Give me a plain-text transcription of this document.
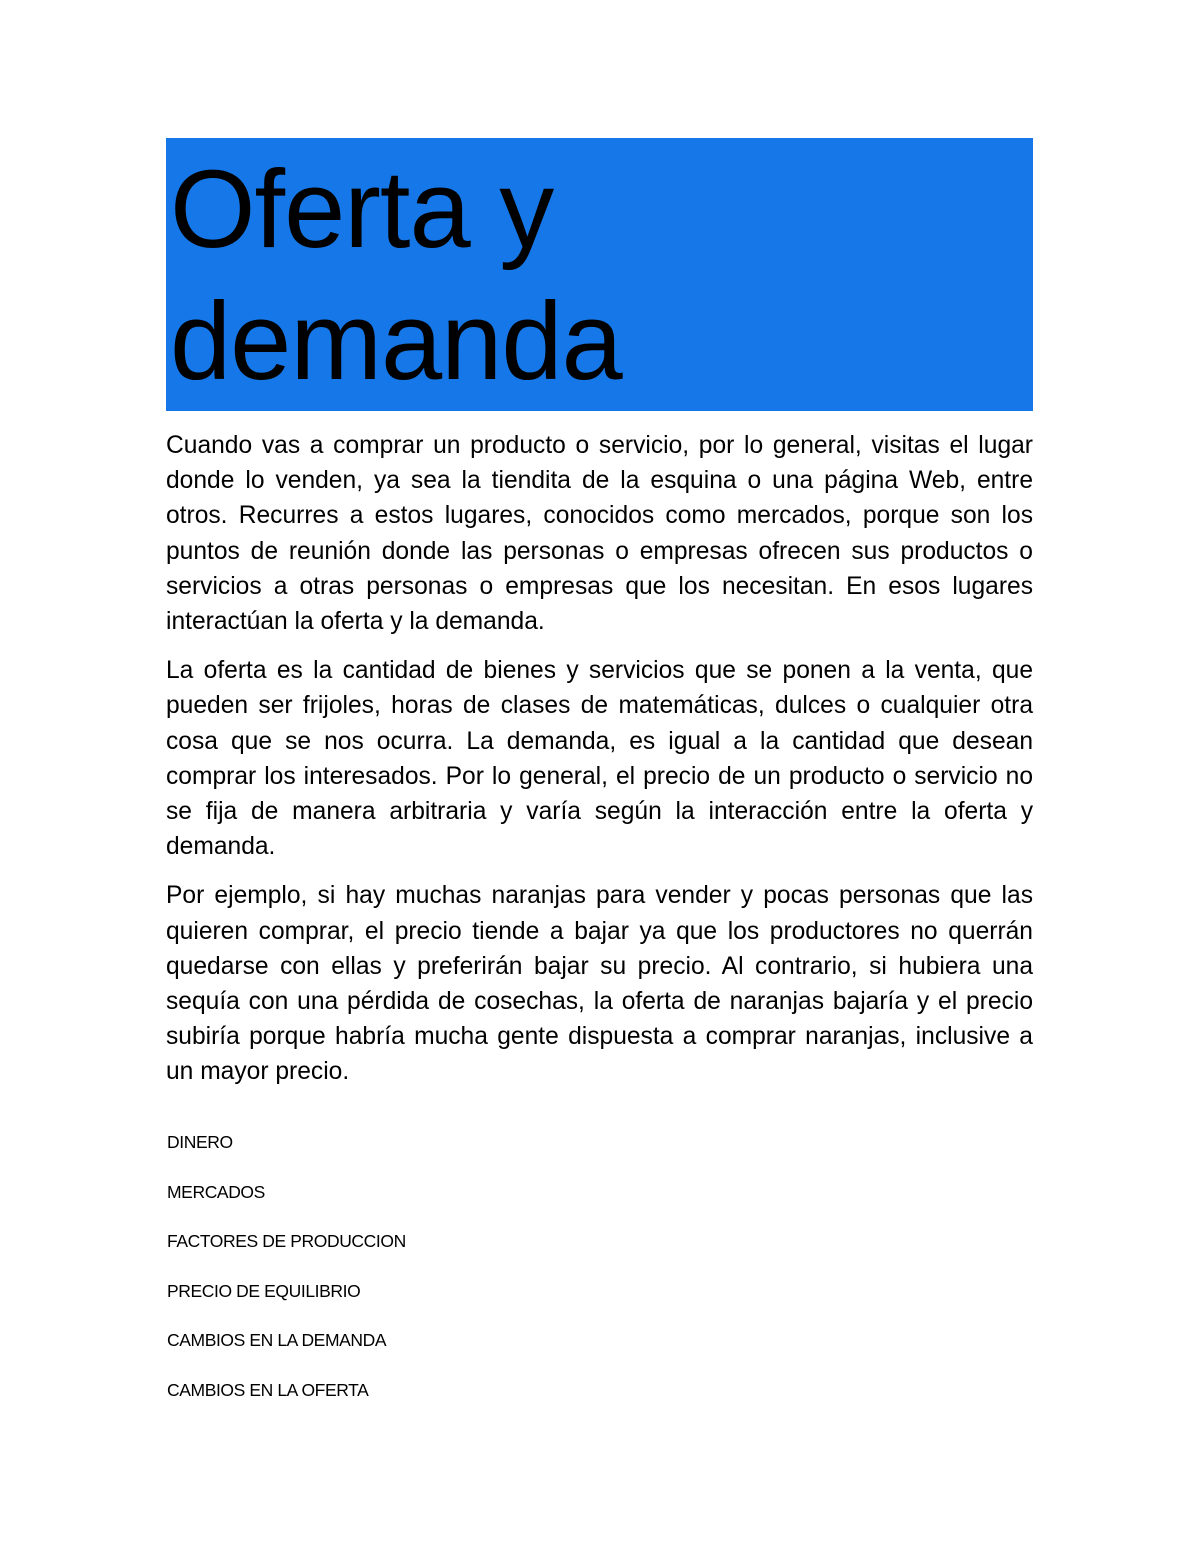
Oferta y
demanda

Cuando vas a comprar un producto o servicio, por lo general, visitas el lugar donde lo venden, ya sea la tiendita de la esquina o una página Web, entre otros. Recurres a estos lugares, conocidos como mercados, porque son los puntos de reunión donde las personas o empresas ofrecen sus productos o servicios a otras personas o empresas que los necesitan. En esos lugares interactúan la oferta y la demanda.

La oferta es la cantidad de bienes y servicios que se ponen a la venta, que pueden ser frijoles, horas de clases de matemáticas, dulces o cualquier otra cosa que se nos ocurra. La demanda, es igual a la cantidad que desean comprar los interesados. Por lo general, el precio de un producto o servicio no se fija de manera arbitraria y varía según la interacción entre la oferta y demanda.

Por ejemplo, si hay muchas naranjas para vender y pocas personas que las quieren comprar, el precio tiende a bajar ya que los productores no querrán quedarse con ellas y preferirán bajar su precio. Al contrario, si hubiera una sequía con una pérdida de cosechas, la oferta de naranjas bajaría y el precio subiría porque habría mucha gente dispuesta a comprar naranjas, inclusive a un mayor precio.

DINERO
MERCADOS
FACTORES DE PRODUCCION
PRECIO DE EQUILIBRIO
CAMBIOS EN LA DEMANDA
CAMBIOS EN LA OFERTA
